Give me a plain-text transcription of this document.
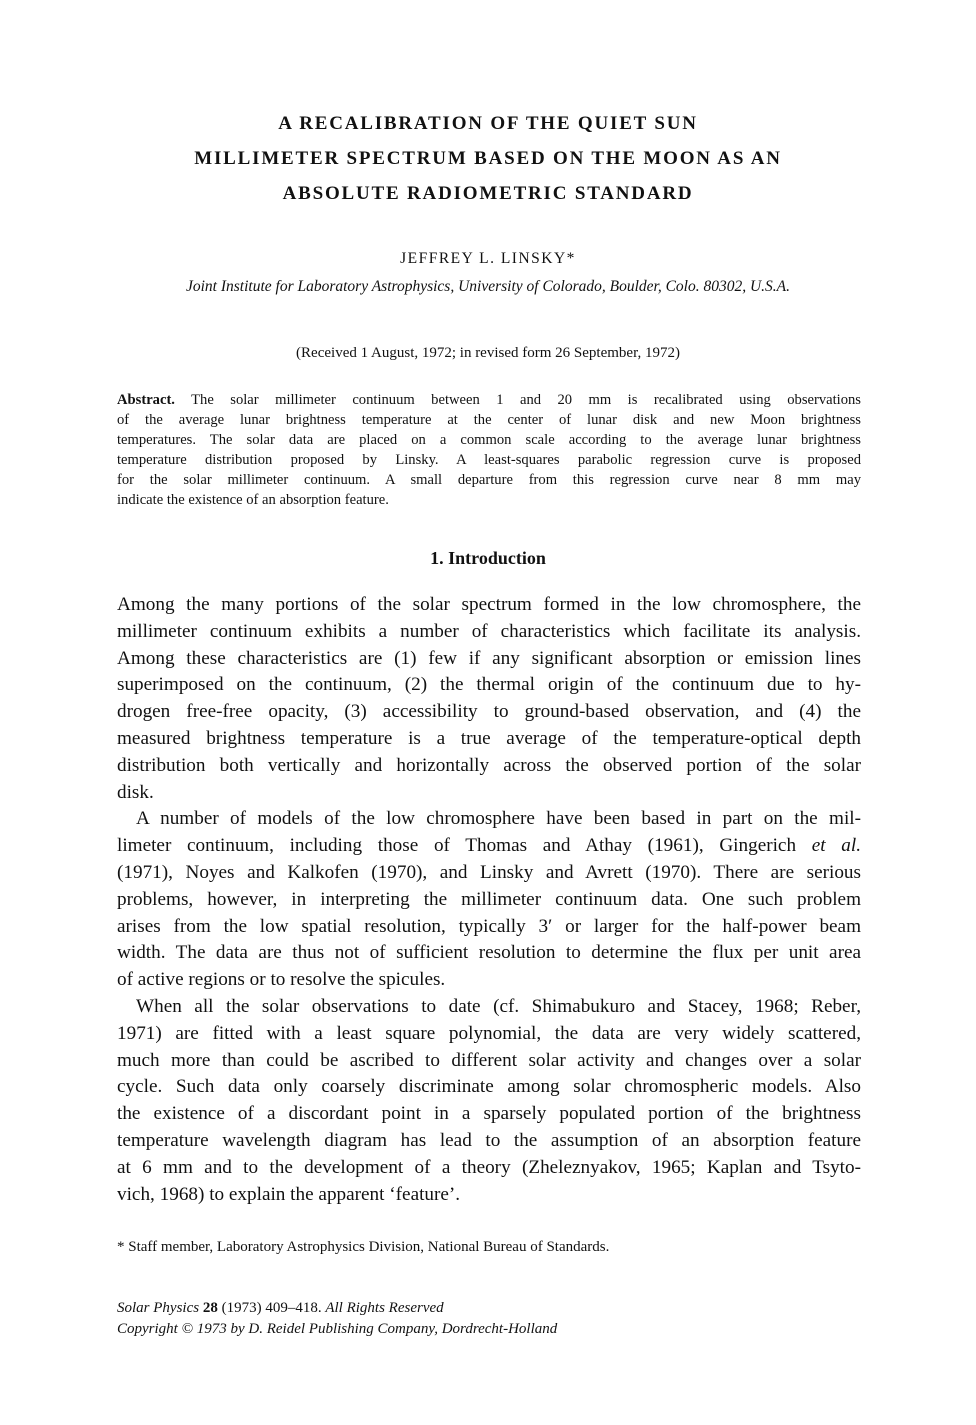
A RECALIBRATION OF THE QUIET SUN
MILLIMETER SPECTRUM BASED ON THE MOON AS AN
ABSOLUTE RADIOMETRIC STANDARD
JEFFREY L. LINSKY*
Joint Institute for Laboratory Astrophysics, University of Colorado, Boulder, Colo. 80302, U.S.A.
(Received 1 August, 1972; in revised form 26 September, 1972)
Abstract. The solar millimeter continuum between 1 and 20 mm is recalibrated using observations
of the average lunar brightness temperature at the center of lunar disk and new Moon brightness
temperatures. The solar data are placed on a common scale according to the average lunar brightness
temperature distribution proposed by Linsky. A least-squares parabolic regression curve is proposed
for the solar millimeter continuum. A small departure from this regression curve near 8 mm may
indicate the existence of an absorption feature.
1. Introduction
Among the many portions of the solar spectrum formed in the low chromosphere, the
millimeter continuum exhibits a number of characteristics which facilitate its analysis.
Among these characteristics are (1) few if any significant absorption or emission lines
superimposed on the continuum, (2) the thermal origin of the continuum due to hy-
drogen free-free opacity, (3) accessibility to ground-based observation, and (4) the
measured brightness temperature is a true average of the temperature-optical depth
distribution both vertically and horizontally across the observed portion of the solar
disk.
A number of models of the low chromosphere have been based in part on the mil-
limeter continuum, including those of Thomas and Athay (1961), Gingerich et al.
(1971), Noyes and Kalkofen (1970), and Linsky and Avrett (1970). There are serious
problems, however, in interpreting the millimeter continuum data. One such problem
arises from the low spatial resolution, typically 3′ or larger for the half-power beam
width. The data are thus not of sufficient resolution to determine the flux per unit area
of active regions or to resolve the spicules.
When all the solar observations to date (cf. Shimabukuro and Stacey, 1968; Reber,
1971) are fitted with a least square polynomial, the data are very widely scattered,
much more than could be ascribed to different solar activity and changes over a solar
cycle. Such data only coarsely discriminate among solar chromospheric models. Also
the existence of a discordant point in a sparsely populated portion of the brightness
temperature wavelength diagram has lead to the assumption of an absorption feature
at 6 mm and to the development of a theory (Zheleznyakov, 1965; Kaplan and Tsyto-
vich, 1968) to explain the apparent ‘feature’.
* Staff member, Laboratory Astrophysics Division, National Bureau of Standards.
Solar Physics 28 (1973) 409–418. All Rights Reserved
Copyright © 1973 by D. Reidel Publishing Company, Dordrecht-Holland
